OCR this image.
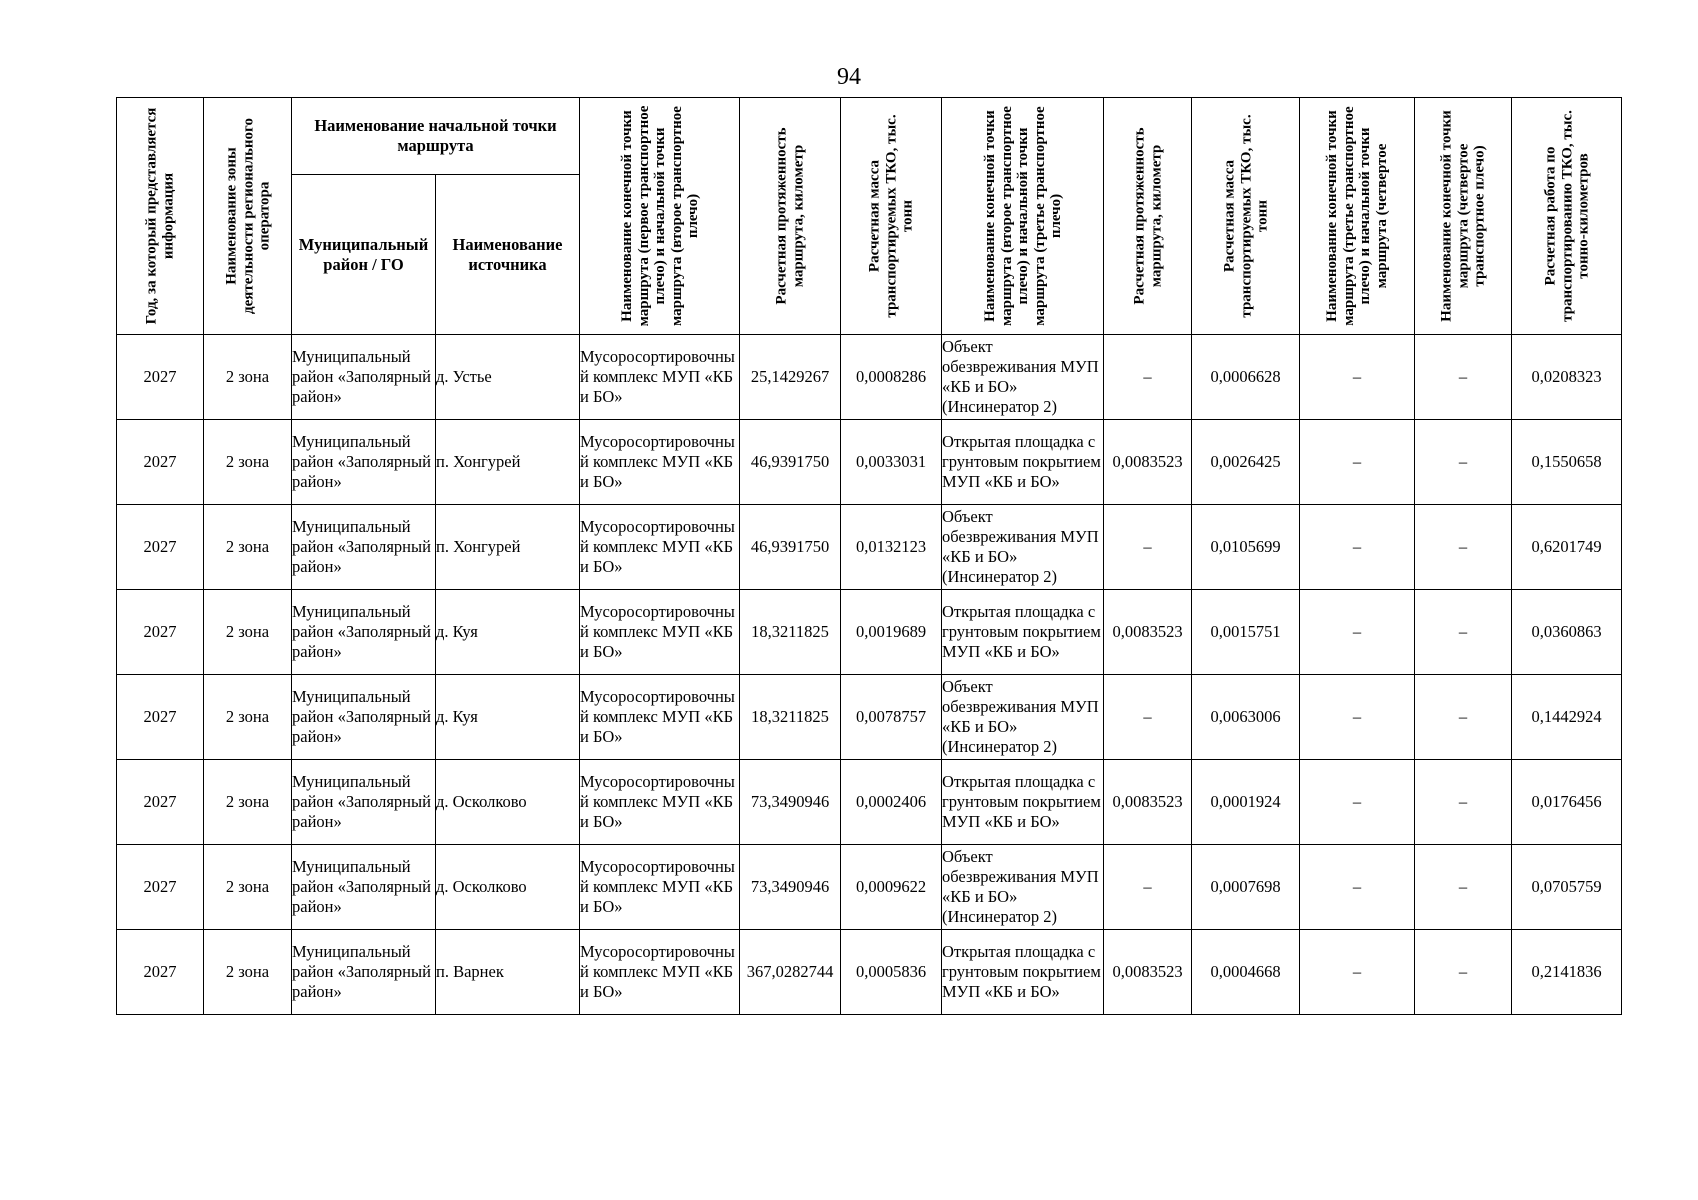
94
Год, за который представляется информация	Наименование зоны деятельности регионального оператора	Наименование начальной точки маршрута		Наименование конечной точки маршрута (первое транспортное плечо) и начальной точки маршрута (второе транспортное плечо)	Расчетная протяженность маршрута, километр	Расчетная масса транспортируемых ТКО, тыс. тонн	Наименование конечной точки маршрута (второе транспортное плечо) и начальной точки маршрута (третье транспортное плечо)	Расчетная протяженность маршрута, километр	Расчетная масса транспортируемых ТКО, тыс. тонн	Наименование конечной точки маршрута (третье транспортное плечо) и начальной точки маршрута (четвертое	Наименование конечной точки маршрута (четвертое транспортное плечо)	Расчетная работа по транспортированию ТКО, тыс. тонно-километров

		Муниципальный район / ГО	Наименование источника									
2027	2 зона	Муниципальный район «Заполярный район»	д. Устье	Мусоросортировочный комплекс МУП «КБ и БО»	25,1429267	0,0008286	Объект обезвреживания МУП «КБ и БО» (Инсинератор 2)	–	0,0006628	–	–	0,0208323
2027	2 зона	Муниципальный район «Заполярный район»	п. Хонгурей	Мусоросортировочный комплекс МУП «КБ и БО»	46,9391750	0,0033031	Открытая площадка с грунтовым покрытием МУП «КБ и БО»	0,0083523	0,0026425	–	–	0,1550658
2027	2 зона	Муниципальный район «Заполярный район»	п. Хонгурей	Мусоросортировочный комплекс МУП «КБ и БО»	46,9391750	0,0132123	Объект обезвреживания МУП «КБ и БО» (Инсинератор 2)	–	0,0105699	–	–	0,6201749
2027	2 зона	Муниципальный район «Заполярный район»	д. Куя	Мусоросортировочный комплекс МУП «КБ и БО»	18,3211825	0,0019689	Открытая площадка с грунтовым покрытием МУП «КБ и БО»	0,0083523	0,0015751	–	–	0,0360863
2027	2 зона	Муниципальный район «Заполярный район»	д. Куя	Мусоросортировочный комплекс МУП «КБ и БО»	18,3211825	0,0078757	Объект обезвреживания МУП «КБ и БО» (Инсинератор 2)	–	0,0063006	–	–	0,1442924
2027	2 зона	Муниципальный район «Заполярный район»	д. Осколково	Мусоросортировочный комплекс МУП «КБ и БО»	73,3490946	0,0002406	Открытая площадка с грунтовым покрытием МУП «КБ и БО»	0,0083523	0,0001924	–	–	0,0176456
2027	2 зона	Муниципальный район «Заполярный район»	д. Осколково	Мусоросортировочный комплекс МУП «КБ и БО»	73,3490946	0,0009622	Объект обезвреживания МУП «КБ и БО» (Инсинератор 2)	–	0,0007698	–	–	0,0705759
2027	2 зона	Муниципальный район «Заполярный район»	п. Варнек	Мусоросортировочный комплекс МУП «КБ и БО»	367,0282744	0,0005836	Открытая площадка с грунтовым покрытием МУП «КБ и БО»	0,0083523	0,0004668	–	–	0,2141836
